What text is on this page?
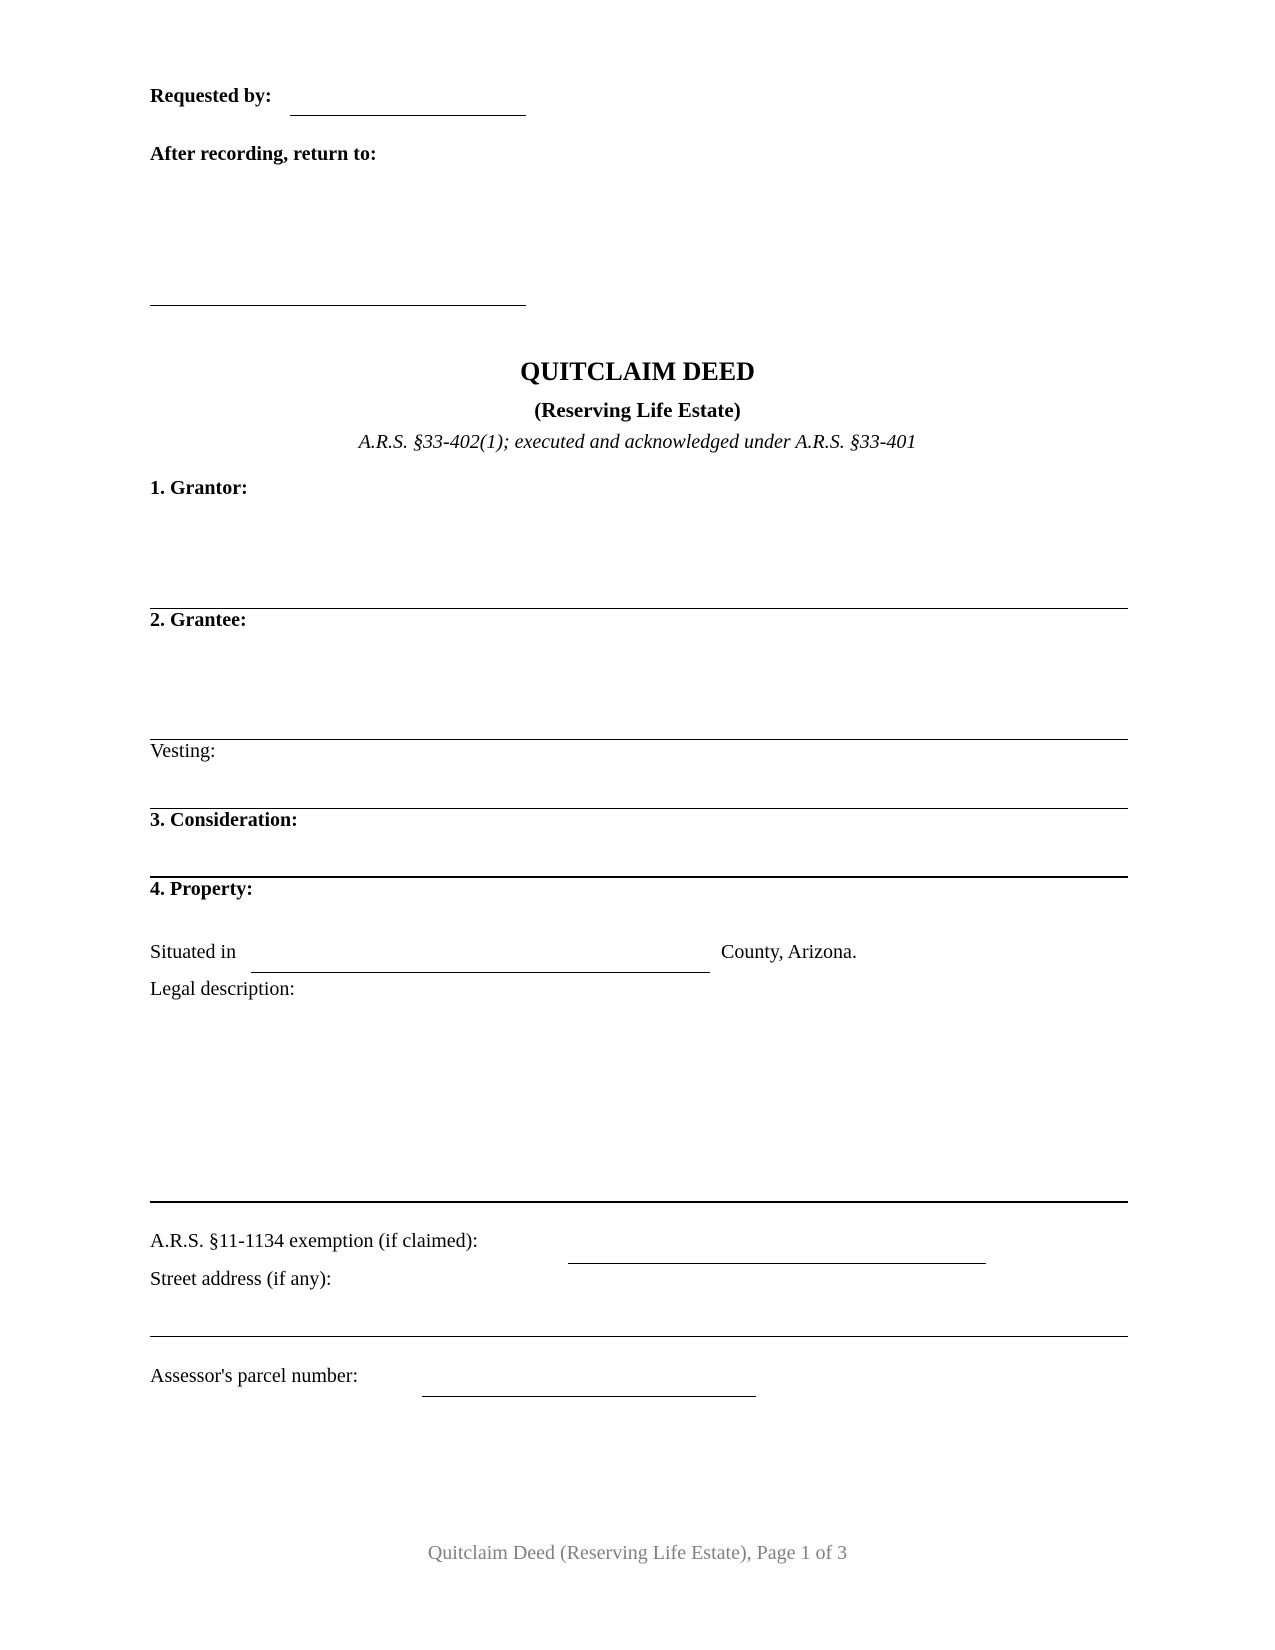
Requested by:
After recording, return to:
QUITCLAIM DEED
(Reserving Life Estate)
A.R.S. §33-402(1); executed and acknowledged under A.R.S. §33-401
1. Grantor:
2. Grantee:
Vesting:
3. Consideration:
4. Property:
Situated in	County, Arizona.
Legal description:
A.R.S. §11-1134 exemption (if claimed):
Street address (if any):
Assessor's parcel number:
Quitclaim Deed (Reserving Life Estate), Page 1 of 3
